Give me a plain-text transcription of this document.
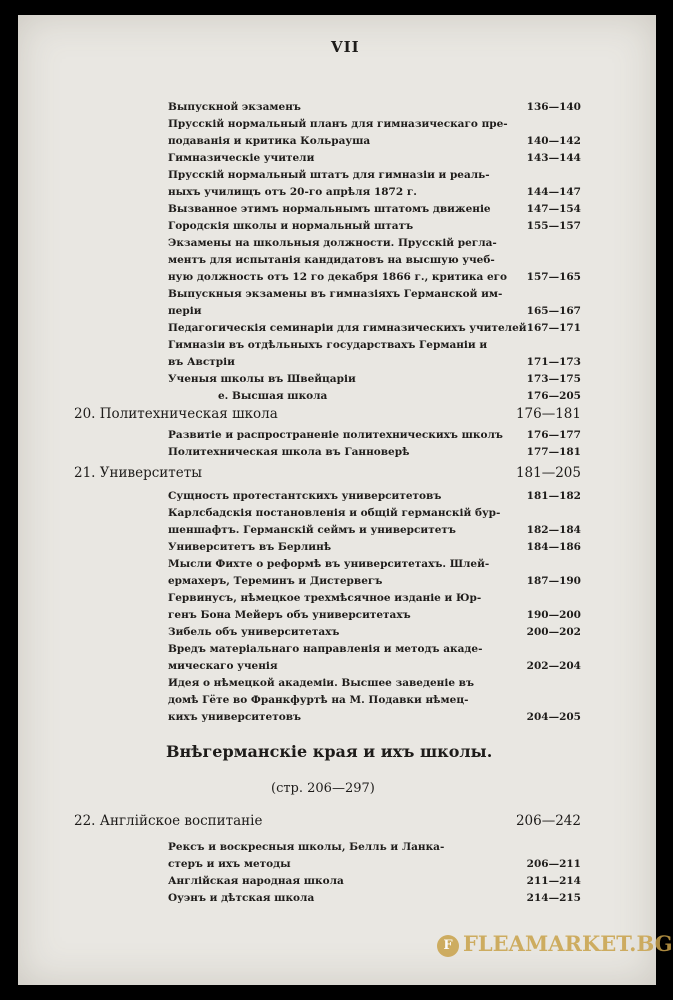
VII
Выпускной экзаменъ	136—140
Прусскій нормальный планъ для гимназическаго пре-
подаванія и критика Кольрауша	140—142
Гимназическіе учители	143—144
Прусскій нормальный штатъ для гимназіи и реаль-
ныхъ училищъ отъ 20-го апрѣля 1872 г.	144—147
Вызванное этимъ нормальнымъ штатомъ движеніе	147—154
Городскія школы и нормальный штатъ	155—157
Экзамены на школьныя должности. Прусскій регла-
ментъ для испытанія кандидатовъ на высшую учеб-
ную должность отъ 12 го декабря 1866 г., критика его 157—165
Выпускныя экзамены въ гимназіяхъ Германской им-
періи	165—167
Педагогическія семинаріи для гимназическихъ учителей 167—171
Гимназіи въ отдѣльныхъ государствахъ Германіи и
въ Австріи	171—173
Ученыя школы въ Швейцаріи	173—175
е. Высшая школа	176—205
20. Политехническая школа	176—181
Развитіе и распространеніе политехническихъ школъ 176—177
Политехническая школа въ Ганноверѣ	177—181
21. Университеты	181—205
Сущность протестантскихъ университетовъ	181—182
Карлсбадскія постановленія и общій германскій бур-
шеншафтъ. Германскій сеймъ и университетъ	182—184
Университетъ въ Берлинѣ	184—186
Мысли Фихте о реформѣ въ университетахъ. Шлей-
ермахеръ, Тереминъ и Дистервегъ	187—190
Гервинусъ, нѣмецкое трехмѣсячное изданіе и Юр-
генъ Бона Мейеръ объ университетахъ	190—200
Зибель объ университетахъ	200—202
Вредъ матеріальнаго направленія и методъ акаде-
мическаго ученія	202—204
Идея о нѣмецкой академіи. Высшее заведеніе въ
домѣ Гёте во Франкфуртѣ на М. Подавки нѣмец-
кихъ университетовъ	204—205
Внѣгерманскіе края и ихъ школы.
(стр. 206—297)
22. Англійское воспитаніе	206—242
Рексъ и воскресныя школы, Белль и Ланка-
стеръ и ихъ методы	206—211
Англійская народная школа	211—214
Оуэнъ и дѣтская школа	214—215
F FLEAMARKET.BG
